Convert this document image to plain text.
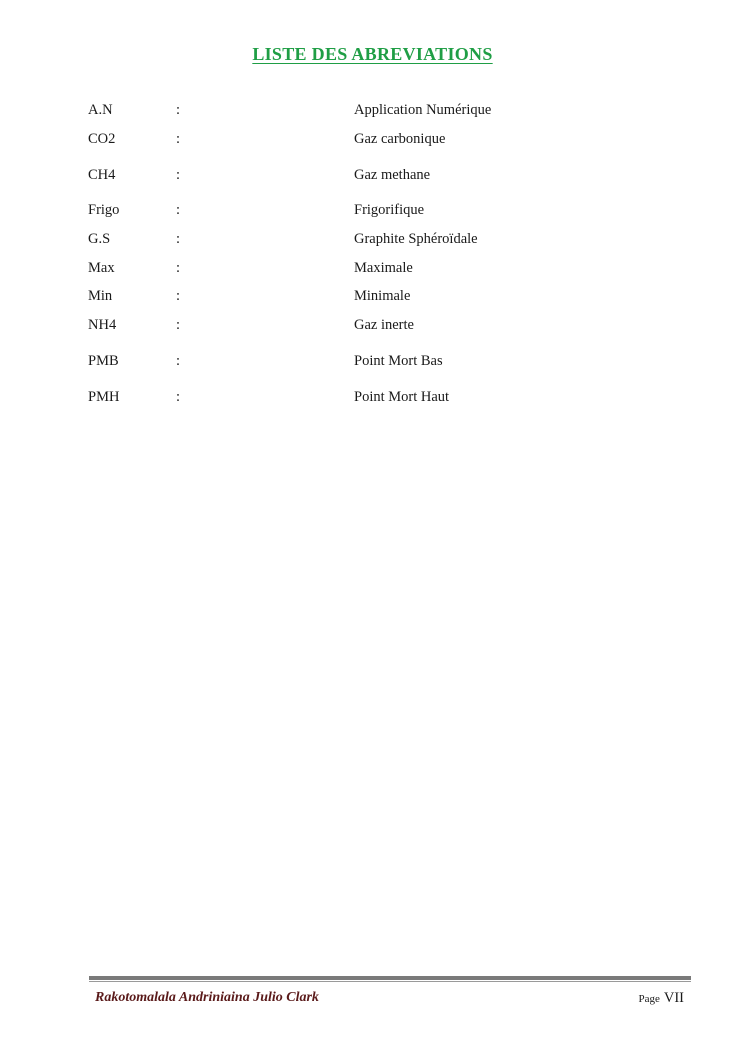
LISTE DES ABREVIATIONS
A.N	:	Application Numérique
CO2	:	Gaz carbonique
CH4	:	Gaz methane
Frigo	:	Frigorifique
G.S	:	Graphite Sphéroïdale
Max	:	Maximale
Min	:	Minimale
NH4	:	Gaz inerte
PMB	:	Point Mort Bas
PMH	:	Point Mort Haut
Rakotomalala Andriniaina Julio Clark	Page VII
